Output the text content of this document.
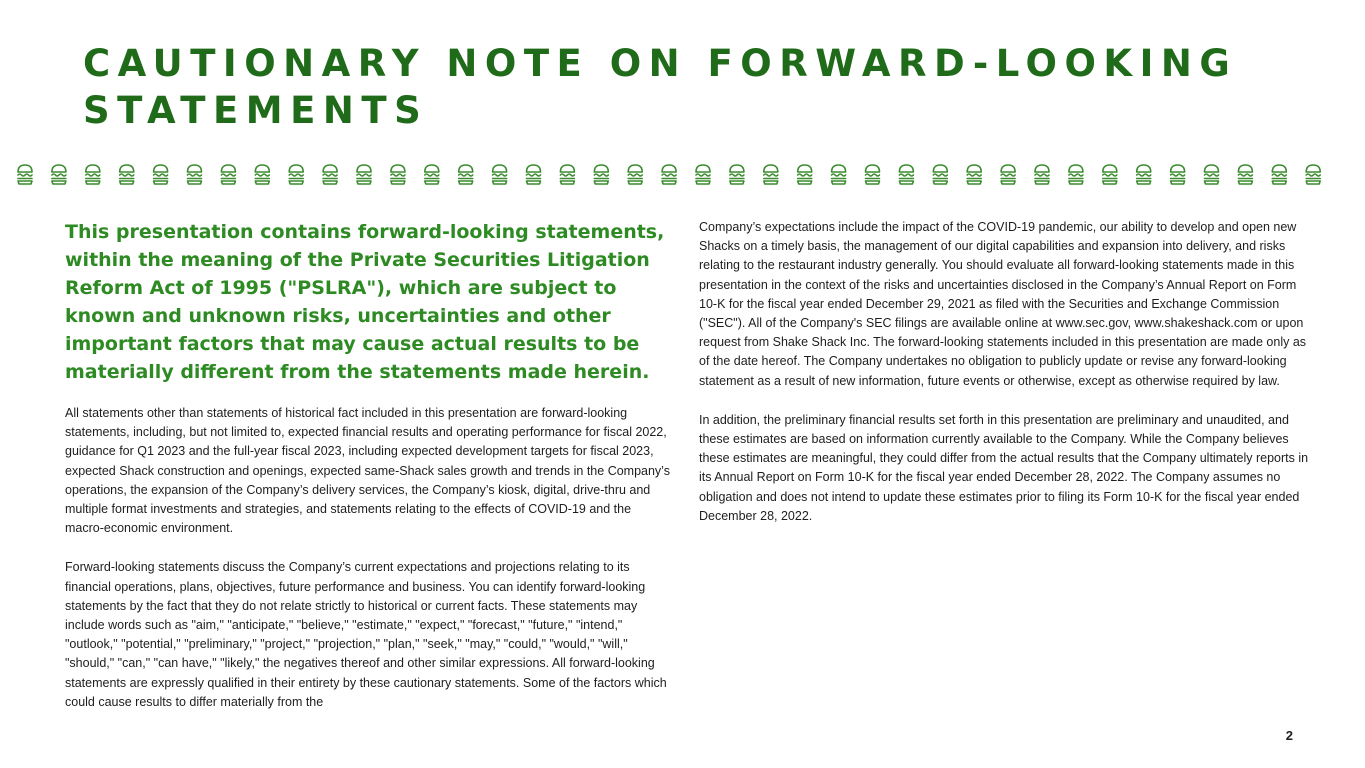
CAUTIONARY NOTE ON FORWARD-LOOKING STATEMENTS

This presentation contains forward-looking statements, within the meaning of the Private Securities Litigation Reform Act of 1995 ("PSLRA"), which are subject to known and unknown risks, uncertainties and other important factors that may cause actual results to be materially different from the statements made herein.

All statements other than statements of historical fact included in this presentation are forward-looking statements, including, but not limited to, expected financial results and operating performance for fiscal 2022, guidance for Q1 2023 and the full-year fiscal 2023, including expected development targets for fiscal 2023, expected Shack construction and openings, expected same-Shack sales growth and trends in the Company’s operations, the expansion of the Company’s delivery services, the Company’s kiosk, digital, drive-thru and multiple format investments and strategies, and statements relating to the effects of COVID-19 and the macro-economic environment.

Forward-looking statements discuss the Company’s current expectations and projections relating to its financial operations, plans, objectives, future performance and business. You can identify forward-looking statements by the fact that they do not relate strictly to historical or current facts. These statements may include words such as "aim," "anticipate," "believe," "estimate," "expect," "forecast," "future," "intend," "outlook," "potential," "preliminary," "project," "projection," "plan," "seek," "may," "could," "would," "will," "should," "can," "can have," "likely," the negatives thereof and other similar expressions. All forward-looking statements are expressly qualified in their entirety by these cautionary statements. Some of the factors which could cause results to differ materially from the

Company’s expectations include the impact of the COVID-19 pandemic, our ability to develop and open new Shacks on a timely basis, the management of our digital capabilities and expansion into delivery, and risks relating to the restaurant industry generally. You should evaluate all forward-looking statements made in this presentation in the context of the risks and uncertainties disclosed in the Company’s Annual Report on Form 10-K for the fiscal year ended December 29, 2021 as filed with the Securities and Exchange Commission ("SEC"). All of the Company's SEC filings are available online at www.sec.gov, www.shakeshack.com or upon request from Shake Shack Inc. The forward-looking statements included in this presentation are made only as of the date hereof. The Company undertakes no obligation to publicly update or revise any forward-looking statement as a result of new information, future events or otherwise, except as otherwise required by law.

In addition, the preliminary financial results set forth in this presentation are preliminary and unaudited, and these estimates are based on information currently available to the Company. While the Company believes these estimates are meaningful, they could differ from the actual results that the Company ultimately reports in its Annual Report on Form 10-K for the fiscal year ended December 28, 2022. The Company assumes no obligation and does not intend to update these estimates prior to filing its Form 10-K for the fiscal year ended December 28, 2022.

2
